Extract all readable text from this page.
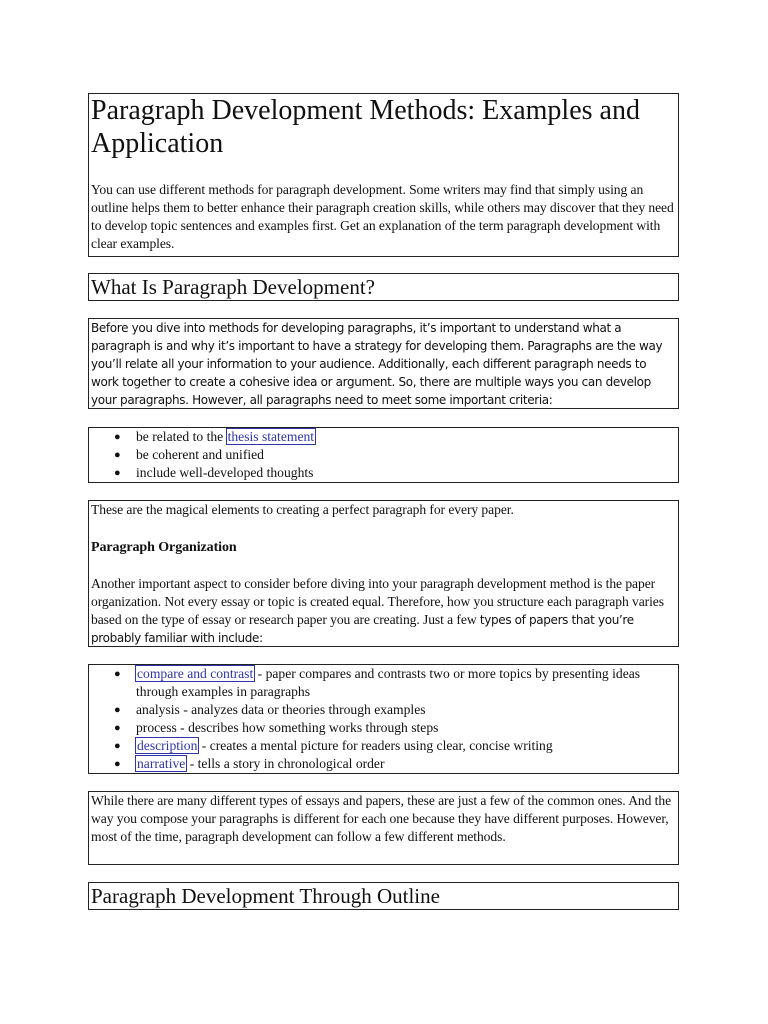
Paragraph Development Methods: Examples and Application

You can use different methods for paragraph development. Some writers may find that simply using an outline helps them to better enhance their paragraph creation skills, while others may discover that they need to develop topic sentences and examples first. Get an explanation of the term paragraph development with clear examples.

What Is Paragraph Development?
Before you dive into methods for developing paragraphs, it’s important to understand what a paragraph is and why it’s important to have a strategy for developing them. Paragraphs are the way you’ll relate all your information to your audience. Additionally, each different paragraph needs to work together to create a cohesive idea or argument. So, there are multiple ways you can develop your paragraphs. However, all paragraphs need to meet some important criteria:
● be related to the thesis statement
● be coherent and unified
● include well-developed thoughts

These are the magical elements to creating a perfect paragraph for every paper.

Paragraph Organization

Another important aspect to consider before diving into your paragraph development method is the paper organization. Not every essay or topic is created equal. Therefore, how you structure each paragraph varies based on the type of essay or research paper you are creating. Just a few types of papers that you’re probably familiar with include:

● compare and contrast - paper compares and contrasts two or more topics by presenting ideas through examples in paragraphs
● analysis - analyzes data or theories through examples
● process - describes how something works through steps
● description - creates a mental picture for readers using clear, concise writing
● narrative - tells a story in chronological order

While there are many different types of essays and papers, these are just a few of the common ones. And the way you compose your paragraphs is different for each one because they have different purposes. However, most of the time, paragraph development can follow a few different methods.

Paragraph Development Through Outline
